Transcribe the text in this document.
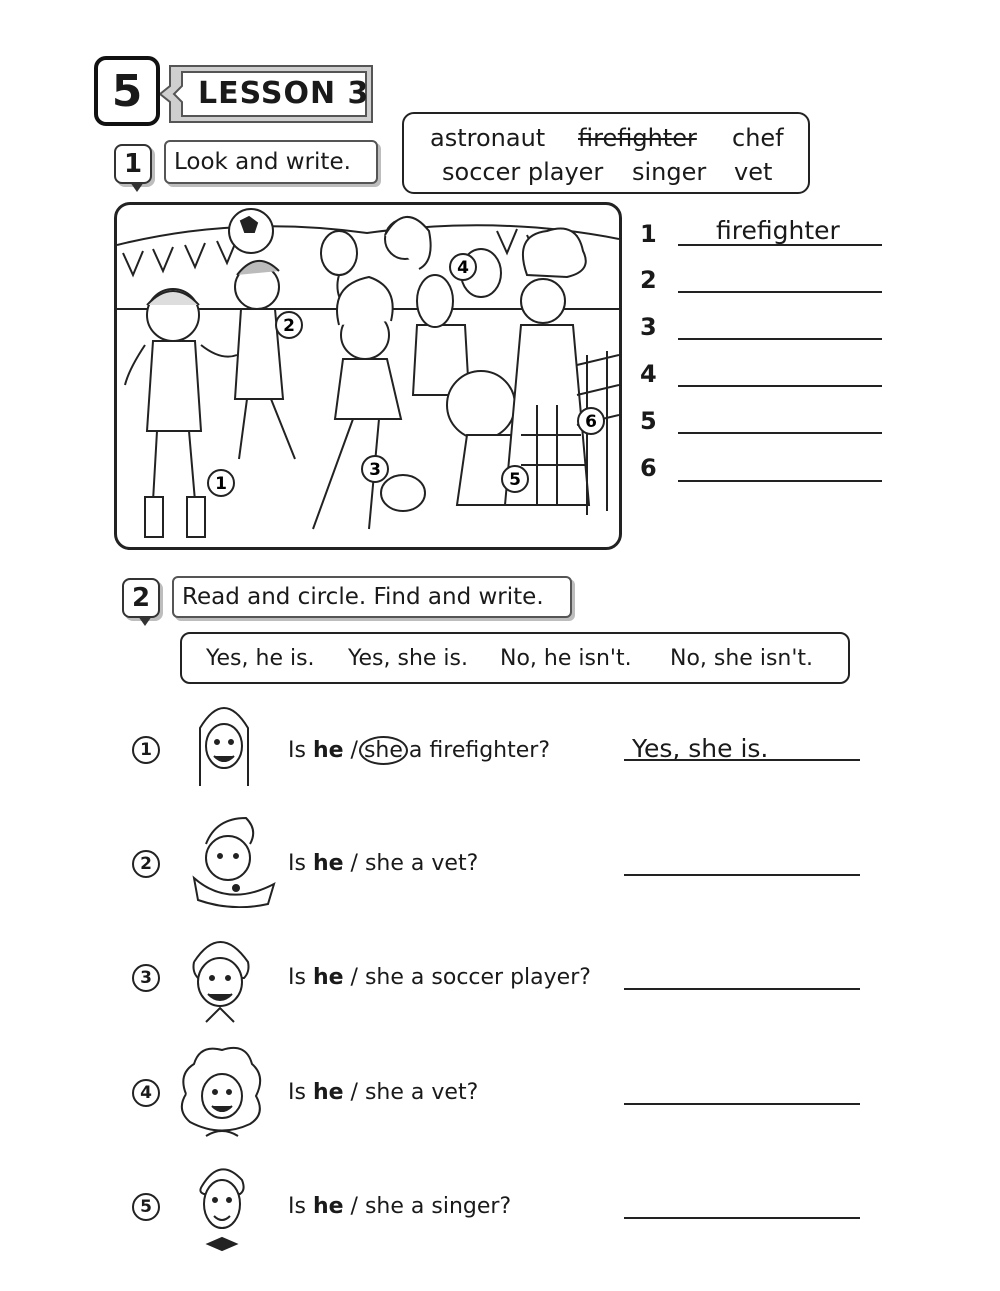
5	LESSON 3
1	Look and write.
astronaut firefighter chef
soccer player singer vet
1
2
3
4
5
6
1 firefighter
2
3
4
5
6
2	Read and circle. Find and write.
Yes, he is. Yes, she is. No, he isn't. No, she isn't.
1	Is he / she a firefighter?	Yes, she is.
2	Is he / she a vet?
3	Is he / she a soccer player?
4	Is he / she a vet?
5	Is he / she a singer?
